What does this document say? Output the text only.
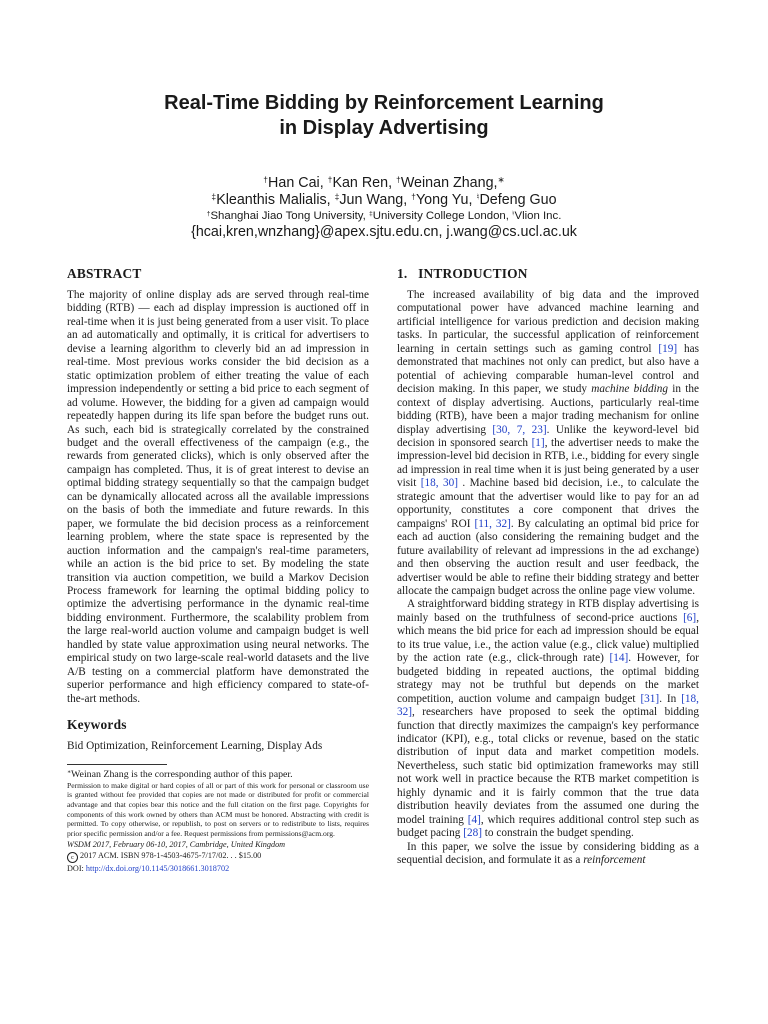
Real-Time Bidding by Reinforcement Learning
in Display Advertising
†Han Cai, †Kan Ren, †Weinan Zhang,∗
‡Kleanthis Malialis, ‡Jun Wang, †Yong Yu, ♮Defeng Guo
†Shanghai Jiao Tong University, ‡University College London, ♮Vlion Inc.
{hcai,kren,wnzhang}@apex.sjtu.edu.cn, j.wang@cs.ucl.ac.uk
ABSTRACT

The majority of online display ads are served through real-time bidding (RTB) — each ad display impression is auctioned off in real-time when it is just being generated from a user visit. To place an ad automatically and optimally, it is critical for advertisers to devise a learning algorithm to cleverly bid an ad impression in real-time. Most previous works consider the bid decision as a static optimization problem of either treating the value of each impression independently or setting a bid price to each segment of ad volume. However, the bidding for a given ad campaign would repeatedly happen during its life span before the budget runs out. As such, each bid is strategically correlated by the constrained budget and the overall effectiveness of the campaign (e.g., the rewards from generated clicks), which is only observed after the campaign has completed. Thus, it is of great interest to devise an optimal bidding strategy sequentially so that the campaign budget can be dynamically allocated across all the available impressions on the basis of both the immediate and future rewards. In this paper, we formulate the bid decision process as a reinforcement learning problem, where the state space is represented by the auction information and the campaign's real-time parameters, while an action is the bid price to set. By modeling the state transition via auction competition, we build a Markov Decision Process framework for learning the optimal bidding policy to optimize the advertising performance in the dynamic real-time bidding environment. Furthermore, the scalability problem from the large real-world auction volume and campaign budget is well handled by state value approximation using neural networks. The empirical study on two large-scale real-world datasets and the live A/B testing on a commercial platform have demonstrated the superior performance and high efficiency compared to state-of-the-art methods.

Keywords

Bid Optimization, Reinforcement Learning, Display Ads

∗Weinan Zhang is the corresponding author of this paper.

Permission to make digital or hard copies of all or part of this work for personal or classroom use is granted without fee provided that copies are not made or distributed for profit or commercial advantage and that copies bear this notice and the full citation on the first page. Copyrights for components of this work owned by others than ACM must be honored. Abstracting with credit is permitted. To copy otherwise, or republish, to post on servers or to redistribute to lists, requires prior specific permission and/or a fee. Request permissions from permissions@acm.org.

WSDM 2017, February 06-10, 2017, Cambridge, United Kingdom

c 2017 ACM. ISBN 978-1-4503-4675-7/17/02. . . $15.00

DOI: http://dx.doi.org/10.1145/3018661.3018702

1.   INTRODUCTION

The increased availability of big data and the improved computational power have advanced machine learning and artificial intelligence for various prediction and decision making tasks. In particular, the successful application of reinforcement learning in certain settings such as gaming control [19] has demonstrated that machines not only can predict, but also have a potential of achieving comparable human-level control and decision making. In this paper, we study machine bidding in the context of display advertising. Auctions, particularly real-time bidding (RTB), have been a major trading mechanism for online display advertising [30, 7, 23]. Unlike the keyword-level bid decision in sponsored search [1], the advertiser needs to make the impression-level bid decision in RTB, i.e., bidding for every single ad impression in real time when it is just being generated by a user visit [18, 30] . Machine based bid decision, i.e., to calculate the strategic amount that the advertiser would like to pay for an ad opportunity, constitutes a core component that drives the campaigns' ROI [11, 32]. By calculating an optimal bid price for each ad auction (also considering the remaining budget and the future availability of relevant ad impressions in the ad exchange) and then observing the auction result and user feedback, the advertiser would be able to refine their bidding strategy and better allocate the campaign budget across the online page view volume.

A straightforward bidding strategy in RTB display advertising is mainly based on the truthfulness of second-price auctions [6], which means the bid price for each ad impression should be equal to its true value, i.e., the action value (e.g., click value) multiplied by the action rate (e.g., click-through rate) [14]. However, for budgeted bidding in repeated auctions, the optimal bidding strategy may not be truthful but depends on the market competition, auction volume and campaign budget [31]. In [18, 32], researchers have proposed to seek the optimal bidding function that directly maximizes the campaign's key performance indicator (KPI), e.g., total clicks or revenue, based on the static distribution of input data and market competition models. Nevertheless, such static bid optimization frameworks may still not work well in practice because the RTB market competition is highly dynamic and it is fairly common that the true data distribution heavily deviates from the assumed one during the model training [4], which requires additional control step such as budget pacing [28] to constrain the budget spending.

In this paper, we solve the issue by considering bidding as a sequential decision, and formulate it as a reinforcement
